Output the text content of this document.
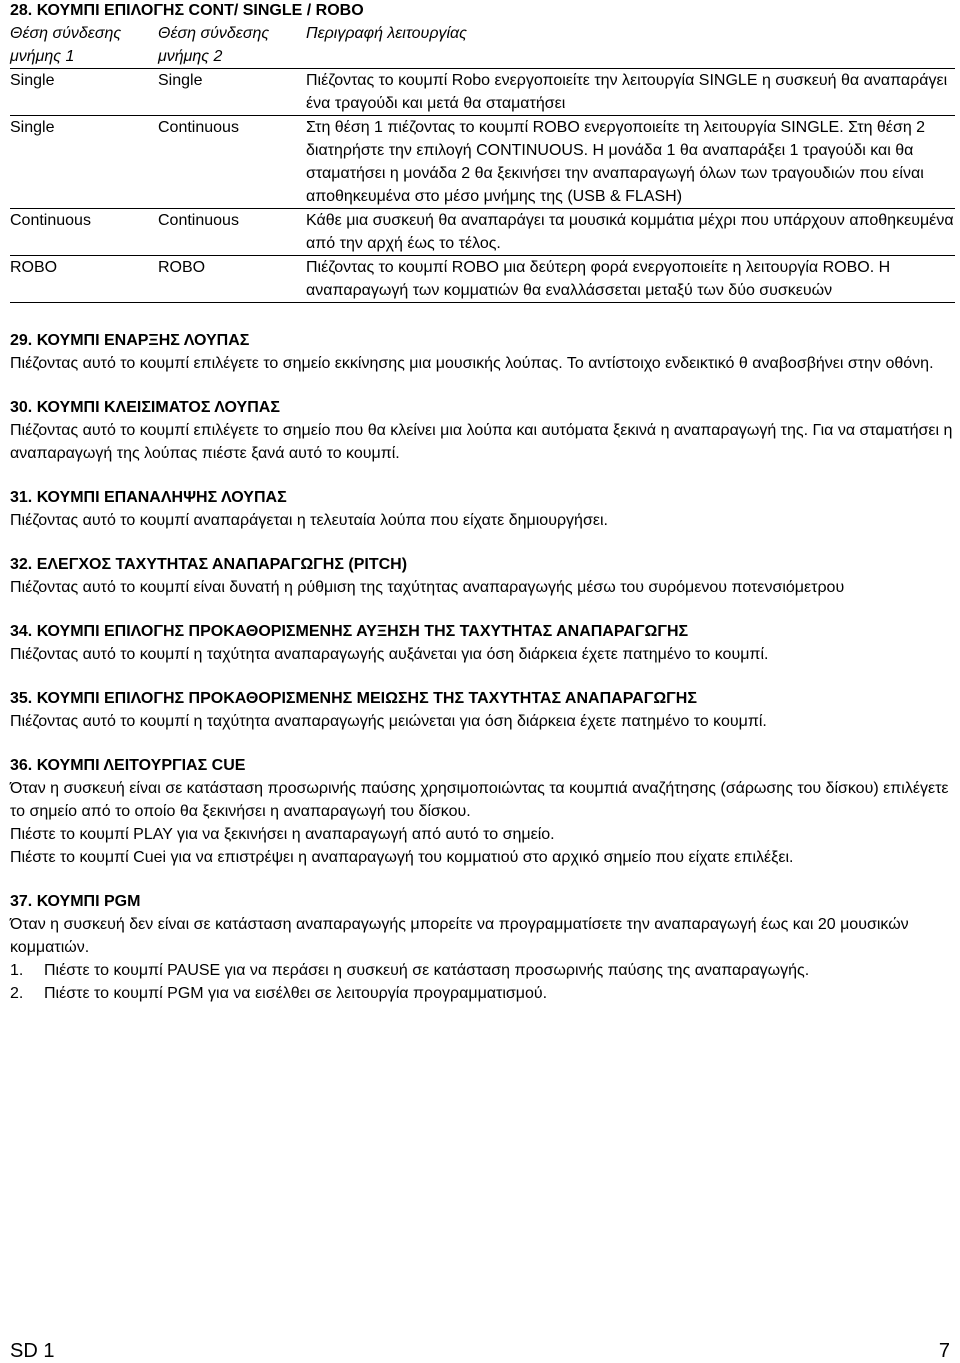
28. ΚΟΥΜΠΙ ΕΠΙΛΟΓΗΣ CONT/ SINGLE / ROBO
Θέση σύνδεσης μνήμης 1	Θέση σύνδεσης μνήμης 2	Περιγραφή λειτουργίας
Single	Single	Πιέζοντας το κουμπί Robo ενεργοποιείτε την λειτουργία SINGLE η συσκευή θα αναπαράγει ένα τραγούδι και μετά θα σταματήσει
Single	Continuous	Στη θέση 1 πιέζοντας το κουμπί ROBO ενεργοποιείτε τη λειτουργία SINGLE. Στη θέση 2 διατηρήστε την επιλογή CONTINUOUS. Η μονάδα 1 θα αναπαράξει 1 τραγούδι και θα σταματήσει η μονάδα 2 θα ξεκινήσει την αναπαραγωγή όλων των τραγουδιών που είναι αποθηκευμένα στο μέσο μνήμης της (USB & FLASH)
Continuous	Continuous	Κάθε μια συσκευή θα αναπαράγει τα μουσικά κομμάτια μέχρι που υπάρχουν αποθηκευμένα από την αρχή έως το τέλος.
ROBO	ROBO	Πιέζοντας το κουμπί ROBO μια δεύτερη φορά ενεργοποιείτε η λειτουργία ROBO. Η αναπαραγωγή των κομματιών θα εναλλάσσεται μεταξύ των δύο συσκευών
29. ΚΟΥΜΠΙ ΕΝΑΡΞΗΣ ΛΟΥΠΑΣ

Πιέζοντας αυτό το κουμπί επιλέγετε το σημείο εκκίνησης μια μουσικής λούπας. Το αντίστοιχο ενδεικτικό θ αναβοσβήνει στην οθόνη.

30. ΚΟΥΜΠΙ ΚΛΕΙΣΙΜΑΤΟΣ ΛΟΥΠΑΣ

Πιέζοντας αυτό το κουμπί επιλέγετε το σημείο που θα κλείνει μια λούπα και αυτόματα ξεκινά η αναπαραγωγή της. Για να σταματήσει η αναπαραγωγή της λούπας πιέστε ξανά αυτό το κουμπί.

31. ΚΟΥΜΠΙ ΕΠΑΝΑΛΗΨΗΣ ΛΟΥΠΑΣ

Πιέζοντας αυτό το κουμπί αναπαράγεται η τελευταία λούπα που είχατε δημιουργήσει.

32. ΕΛΕΓΧΟΣ ΤΑΧΥΤΗΤΑΣ ΑΝΑΠΑΡΑΓΩΓΗΣ (PITCH)

Πιέζοντας αυτό το κουμπί είναι δυνατή η ρύθμιση της ταχύτητας αναπαραγωγής μέσω του συρόμενου ποτενσιόμετρου

34. ΚΟΥΜΠΙ ΕΠΙΛΟΓΗΣ ΠΡΟΚΑΘΟΡΙΣΜΕΝΗΣ ΑΥΞΗΣΗ ΤΗΣ ΤΑΧΥΤΗΤΑΣ ΑΝΑΠΑΡΑΓΩΓΗΣ

Πιέζοντας αυτό το κουμπί η ταχύτητα αναπαραγωγής αυξάνεται για όση διάρκεια έχετε πατημένο το κουμπί.

35. ΚΟΥΜΠΙ ΕΠΙΛΟΓΗΣ ΠΡΟΚΑΘΟΡΙΣΜΕΝΗΣ ΜΕΙΩΣΗΣ ΤΗΣ ΤΑΧΥΤΗΤΑΣ ΑΝΑΠΑΡΑΓΩΓΗΣ

Πιέζοντας αυτό το κουμπί η ταχύτητα αναπαραγωγής μειώνεται για όση διάρκεια έχετε πατημένο το κουμπί.

36. ΚΟΥΜΠΙ ΛΕΙΤΟΥΡΓΙΑΣ CUE

Όταν η συσκευή είναι σε κατάσταση προσωρινής παύσης χρησιμοποιώντας τα κουμπιά αναζήτησης (σάρωσης του δίσκου) επιλέγετε το σημείο από το οποίο θα ξεκινήσει η αναπαραγωγή του δίσκου.

Πιέστε το κουμπί PLAY για να ξεκινήσει η αναπαραγωγή από αυτό το σημείο.

Πιέστε το κουμπί Cuei για να επιστρέψει η αναπαραγωγή του κομματιού στο αρχικό σημείο που είχατε επιλέξει.

37. ΚΟΥΜΠΙ PGM

Όταν η συσκευή δεν είναι σε κατάσταση αναπαραγωγής μπορείτε να προγραμματίσετε την αναπαραγωγή έως και 20 μουσικών κομματιών.

1.	Πιέστε το κουμπί PAUSE για να περάσει η συσκευή σε κατάσταση προσωρινής παύσης της αναπαραγωγής.
2.	Πιέστε το κουμπί PGM για να εισέλθει σε λειτουργία προγραμματισμού.
SD 1	7
